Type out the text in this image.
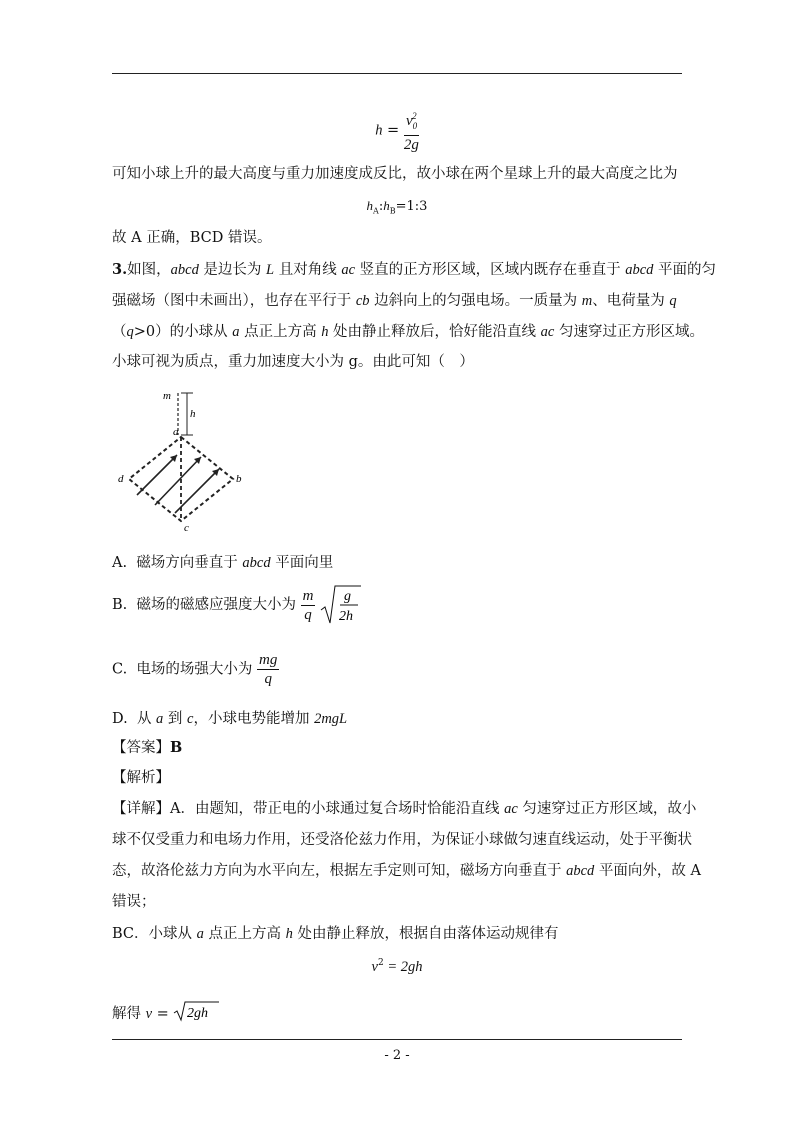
$h = \frac{v_0^2}{2g}$
可知小球上升的最大高度与重力加速度成反比，故小球在两个星球上升的最大高度之比为
$h_A:h_B=1:3$
故 A 正确，BCD 错误。
3.如图，abcd 是边长为 L 且对角线 ac 竖直的正方形区域，区域内既存在垂直于 abcd 平面的匀
强磁场（图中未画出），也存在平行于 cb 边斜向上的匀强电场。一质量为 m、电荷量为 q
（q>0）的小球从 a 点正上方高 h 处由静止释放后，恰好能沿直线 ac 匀速穿过正方形区域。
小球可视为质点，重力加速度大小为 g。由此可知（　）
m
h
a
b
c
d
A. 磁场方向垂直于 abcd 平面向里
B. 磁场的磁感应强度大小为 $\frac{m}{q}$
g
2h
C. 电场的场强大小为 $\frac{mg}{q}$
D. 从 a 到 c，小球电势能增加 2mgL
【答案】B
【解析】
【详解】A．由题知，带正电的小球通过复合场时恰能沿直线 ac 匀速穿过正方形区域，故小
球不仅受重力和电场力作用，还受洛伦兹力作用，为保证小球做匀速直线运动，处于平衡状
态，故洛伦兹力方向为水平向左，根据左手定则可知，磁场方向垂直于 abcd 平面向外，故 A
错误；
BC．小球从 a 点正上方高 h 处由静止释放，根据自由落体运动规律有
$v^2 = 2gh$
解得 v = 2gh
- 2 -
